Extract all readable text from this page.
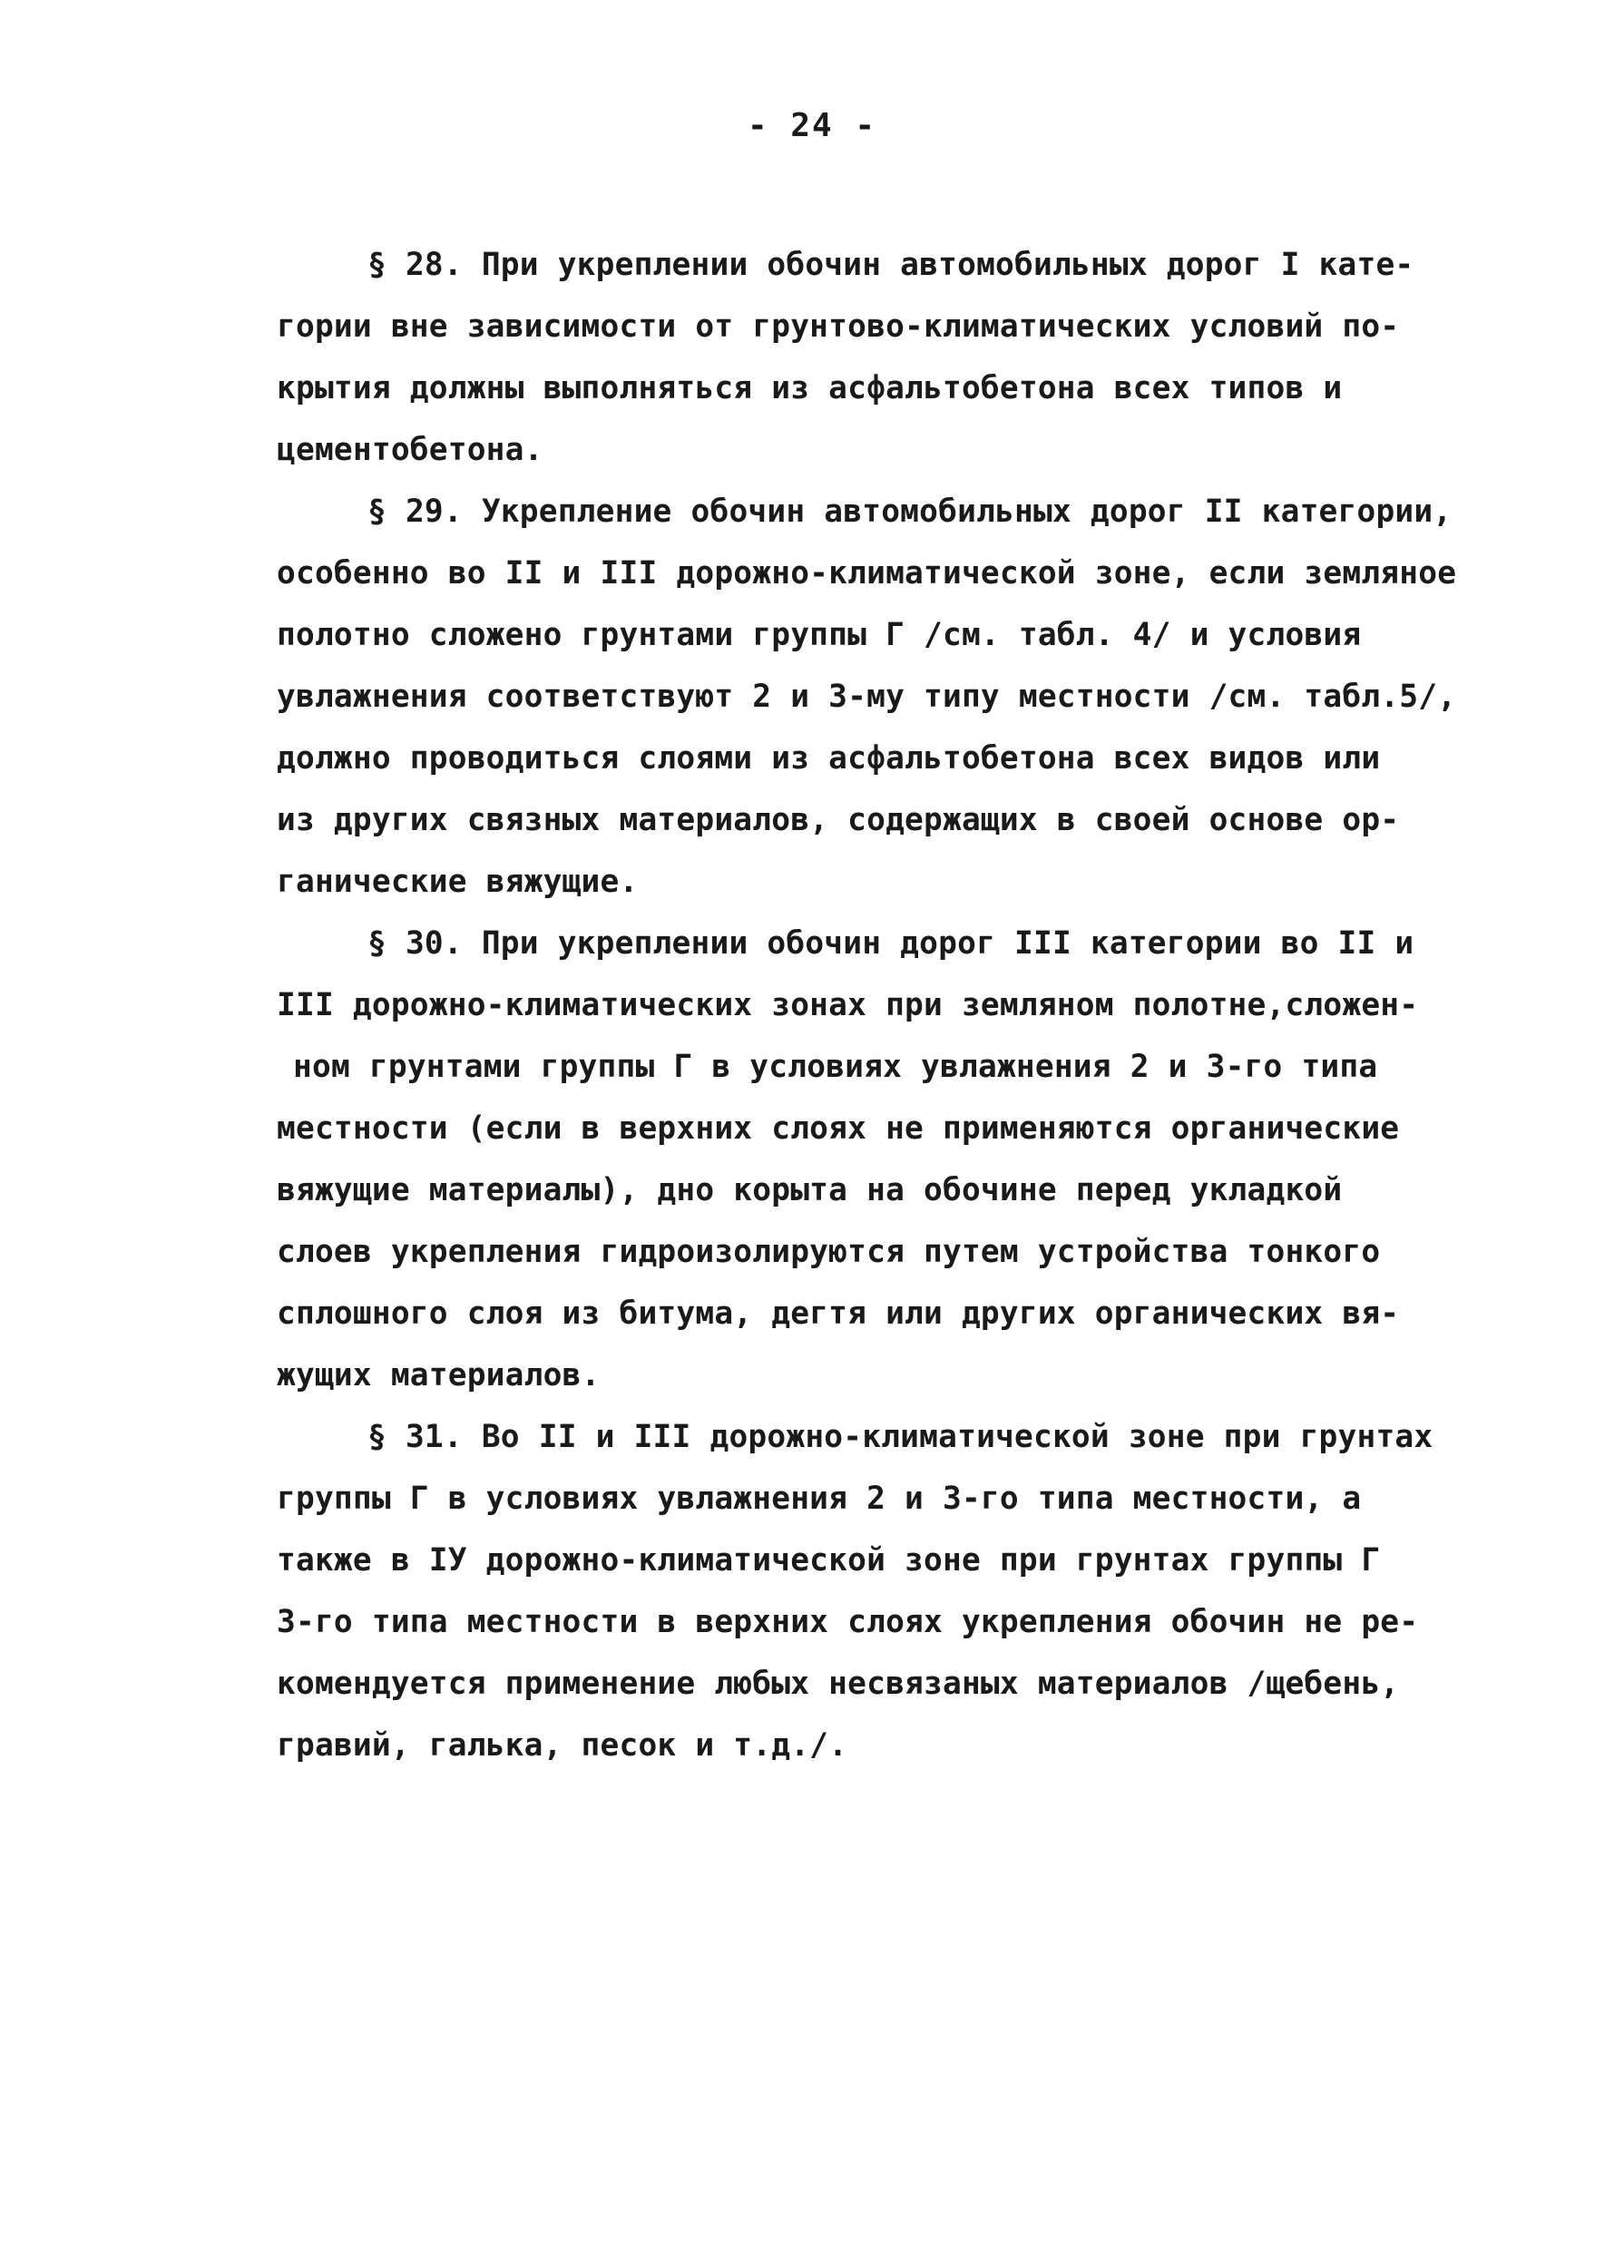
- 24 -
§ 28. При укреплении обочин автомобильных дорог I кате-
гории вне зависимости от грунтово-климатических условий по-
крытия должны выполняться из асфальтобетона всех типов и
цементобетона.
§ 29. Укрепление обочин автомобильных дорог II категории,
особенно во II и III дорожно-климатической зоне, если земляное
полотно сложено грунтами группы Г /см. табл. 4/ и условия
увлажнения соответствуют 2 и 3-му типу местности /см. табл.5/,
должно проводиться слоями из асфальтобетона всех видов или
из других связных материалов, содержащих в своей основе ор-
ганические вяжущие.
§ 30. При укреплении обочин дорог III категории во II и
III дорожно-климатических зонах при земляном полотне,сложен-
ном грунтами группы Г в условиях увлажнения 2 и 3-го типа
местности (если в верхних слоях не применяются органические
вяжущие материалы), дно корыта на обочине перед укладкой
слоев укрепления гидроизолируются путем устройства тонкого
сплошного слоя из битума, дегтя или других органических вя-
жущих материалов.
§ 31. Во II и III дорожно-климатической зоне при грунтах
группы Г в условиях увлажнения 2 и 3-го типа местности, а
также в IУ дорожно-климатической зоне при грунтах группы Г
3-го типа местности в верхних слоях укрепления обочин не ре-
комендуется применение любых несвязаных материалов /щебень,
гравий, галька, песок и т.д./.
